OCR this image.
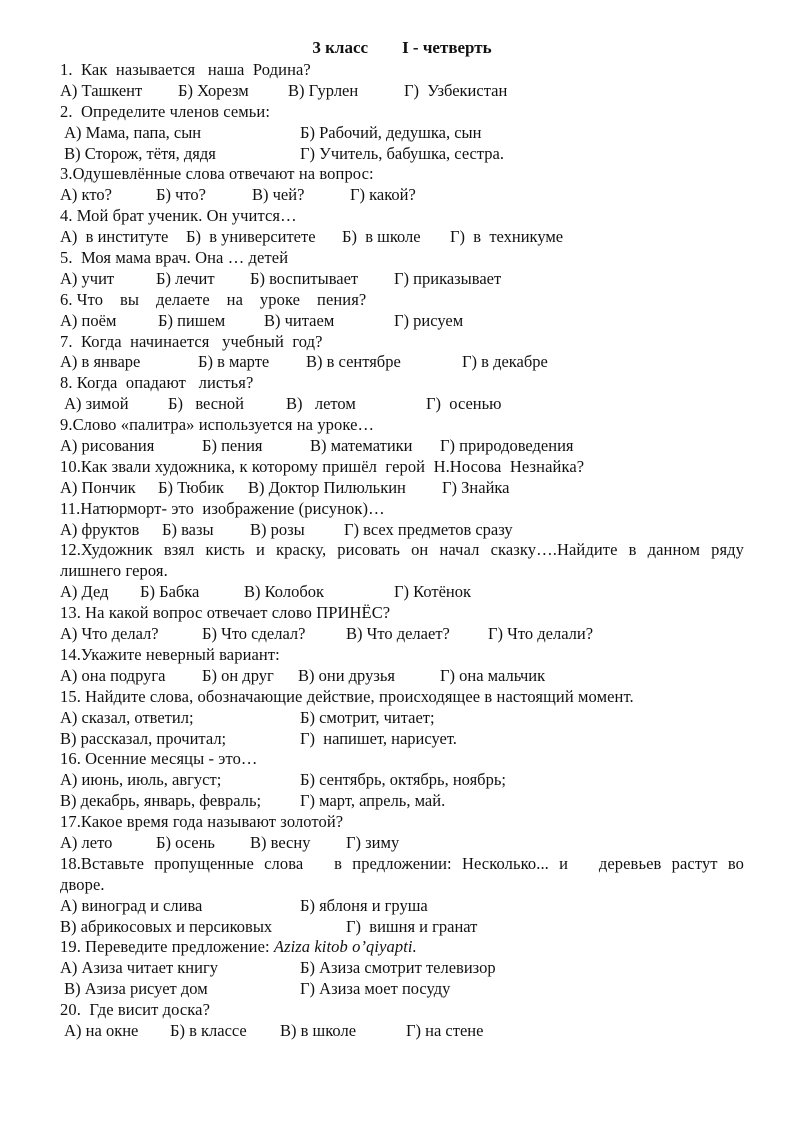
3 класс I - четверть
1.  Как  называется   наша  Родина?

А) Ташкент

Б) Хорезм

В) Гурлен

	Г)  Узбекистан

2.  Определите членов семьи:

А) Мама, папа, сын

	Б) Рабочий, дедушка, сын

В) Сторож, тётя, дядя

	Г) Учитель, бабушка, сестра.

3.Одушевлённые слова отвечают на вопрос:

А) кто?

	Б) что?

	В) чей?

	Г) какой?

4. Мой брат ученик. Он учится…

А)  в институте

Б)  в университете

Б)  в школе

Г)  в  техникуме

5.  Моя мама врач. Она … детей

А) учит

	Б) лечит

Б) воспитывает

Г) приказывает

6. Что    вы    делаете    на    уроке    пения?

А) поём

	Б) пишем

В) читаем

	Г) рисуем

7.  Когда  начинается   учебный  год?

А) в январе

	Б) в марте

В) в сентябре

	Г) в декабре

8. Когда  опадают   листья?

А) зимой

Б)   весной

	В)   летом

	Г)  осенью

9.Слово «палитра» используется на уроке…

А) рисования

	Б) пения

	В) математики

Г) природоведения

10.Как звали художника, к которому пришёл  герой  Н.Носова  Незнайка?

А) Пончик

Б) Тюбик

В) Доктор Пилюлькин

Г) Знайка

11.Натюрморт- это  изображение (рисунок)…

А) фруктов

Б) вазы

В) розы

Г) всех предметов сразу

12.Художник взял кисть и краску, рисовать он начал сказку….Найдите в данном ряду
лишнего героя.

А) Дед

Б) Бабка

	В) Колобок

	Г) Котёнок

13. На какой вопрос отвечает слово ПРИНЁС?

А) Что делал?

	Б) Что сделал?

В) Что делает?

Г) Что делали?

14.Укажите неверный вариант:

А) она подруга

Б) он друг

В) они друзья

	Г) она мальчик

15. Найдите слова, обозначающие действие, происходящее в настоящий момент.

А) сказал, ответил;

	Б) смотрит, читает;

В) рассказал, прочитал;

	Г)  напишет, нарисует.

16. Осенние месяцы - это…

А) июнь, июль, август;

	Б) сентябрь, октябрь, ноябрь;

В) декабрь, январь, февраль;

Г) март, апрель, май.

17.Какое время года называют золотой?

А) лето

	Б) осень

В) весну

Г) зиму

18.Вставьте пропущенные слова   в предложении: Несколько... и   деревьев растут во
дворе.

А) виноград и слива

	Б) яблоня и груша

В) абрикосовых и персиковых

	Г)  вишня и гранат

19. Переведите предложение: Aziza kitob o’qiyapti.

А) Азиза читает книгу

	Б) Азиза смотрит телевизор

В) Азиза рисует дом

	Г) Азиза моет посуду

20.  Где висит доска?

А) на окне

Б) в классе

В) в школе

	Г) на стене
